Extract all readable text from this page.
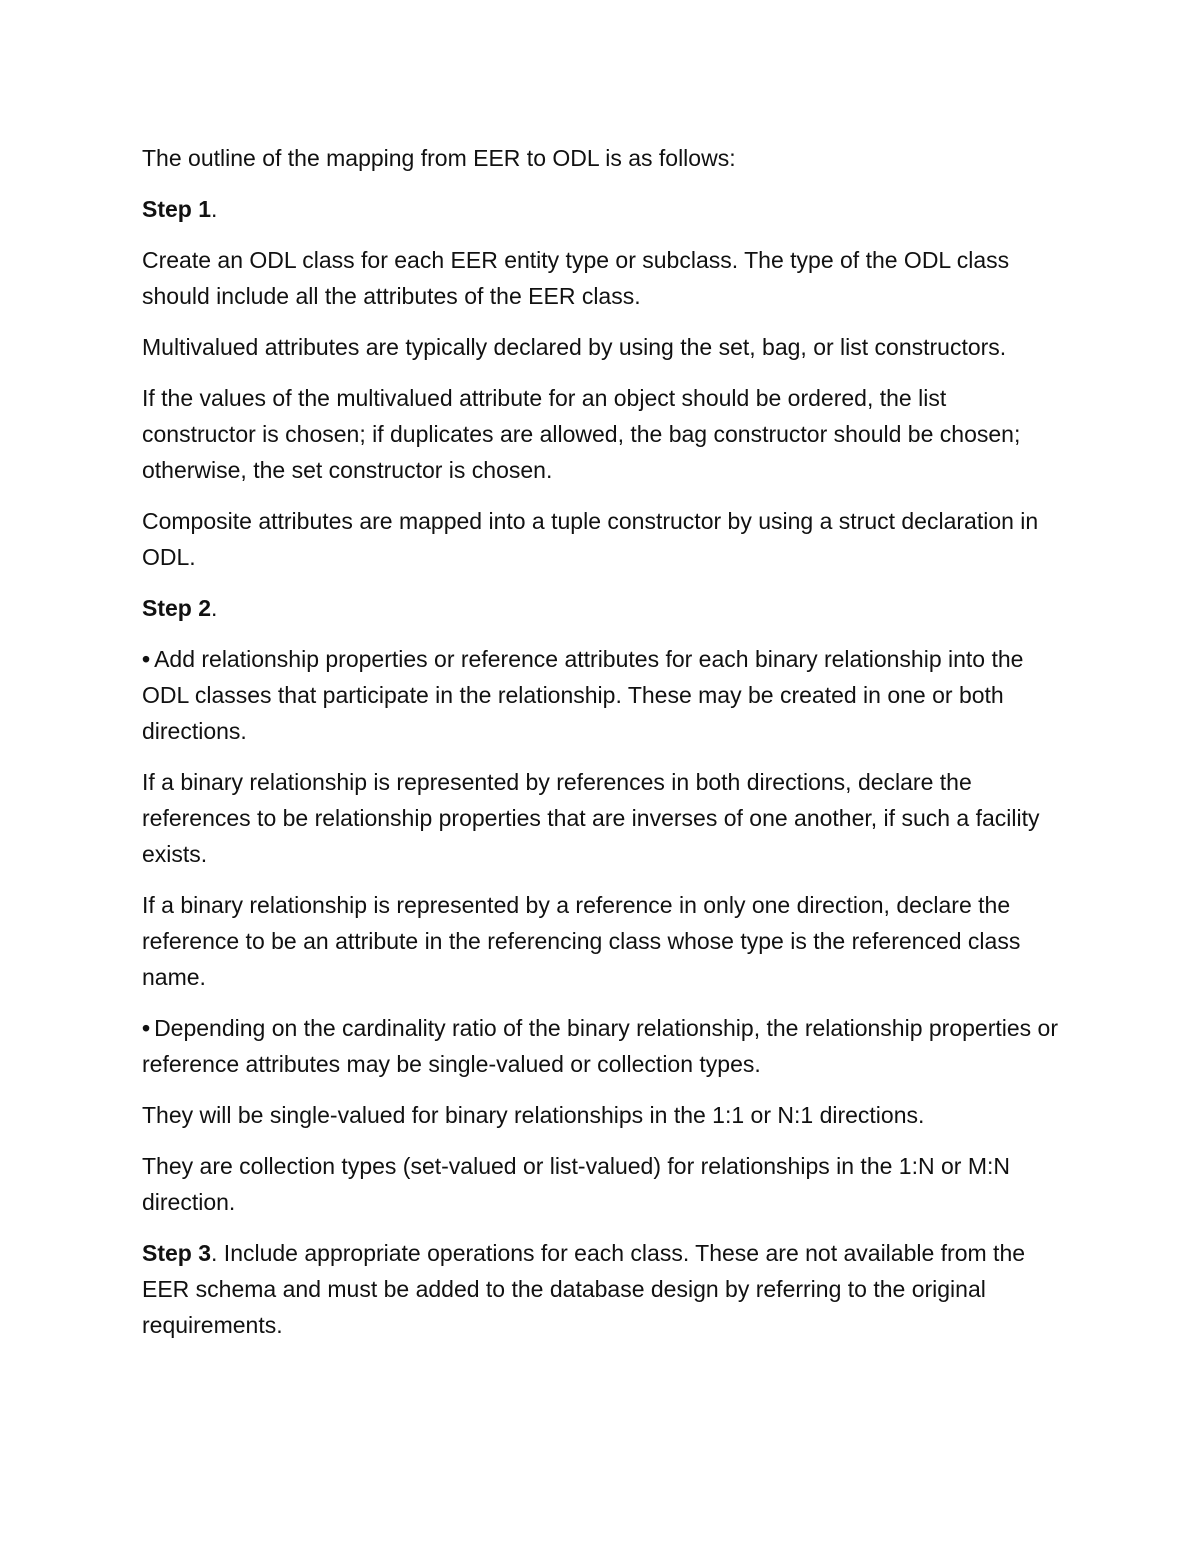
The outline of the mapping from EER to ODL is as follows:

Step 1.

Create an ODL class for each EER entity type or subclass. The type of the ODL class should include all the attributes of the EER class.

Multivalued attributes are typically declared by using the set, bag, or list constructors.

If the values of the multivalued attribute for an object should be ordered, the list constructor is chosen; if duplicates are allowed, the bag constructor should be chosen; otherwise, the set constructor is chosen.

Composite attributes are mapped into a tuple constructor by using a struct declaration in ODL.

Step 2.

• Add relationship properties or reference attributes for each binary relationship into the ODL classes that participate in the relationship. These may be created in one or both directions.

If a binary relationship is represented by references in both directions, declare the references to be relationship properties that are inverses of one another, if such a facility exists.

If a binary relationship is represented by a reference in only one direction, declare the reference to be an attribute in the referencing class whose type is the referenced class name.

• Depending on the cardinality ratio of the binary relationship, the relationship properties or reference attributes may be single-valued or collection types.

They will be single-valued for binary relationships in the 1:1 or N:1 directions.

They are collection types (set-valued or list-valued) for relationships in the 1:N or M:N direction.

Step 3. Include appropriate operations for each class. These are not available from the EER schema and must be added to the database design by referring to the original requirements.
